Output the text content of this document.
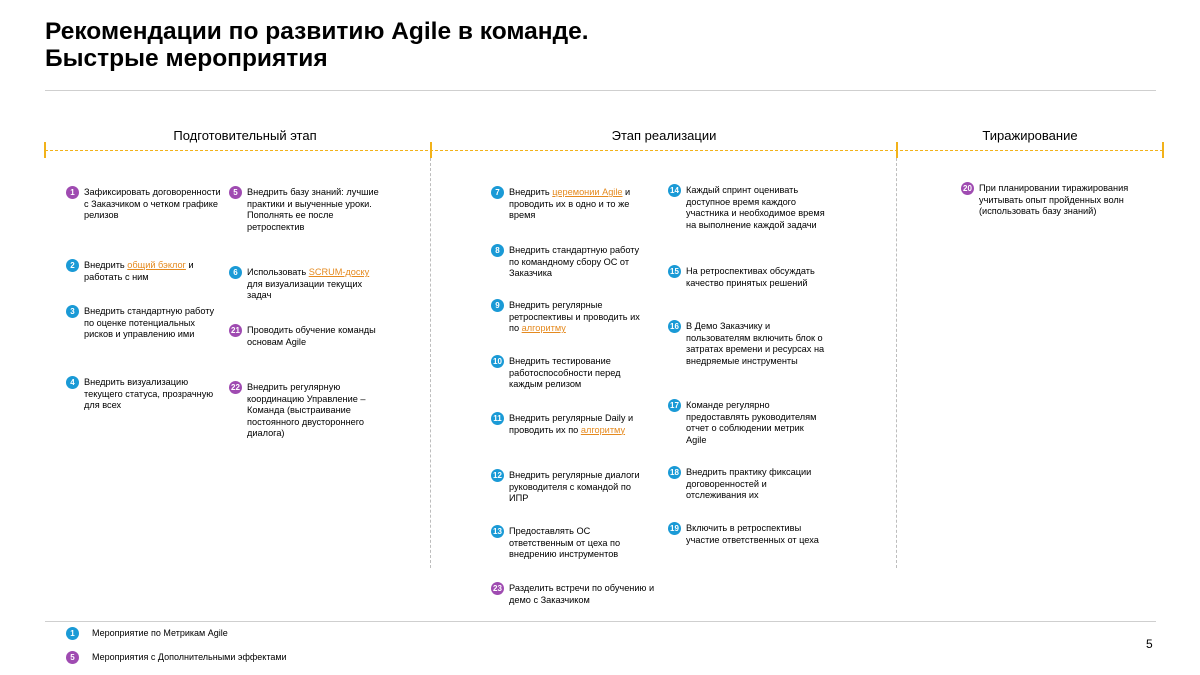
Рекомендации по развитию Agile в команде.
Быстрые мероприятия
Подготовительный этап	Этап реализации	Тиражирование
1	Зафиксировать договоренности с Заказчиком о четком графике релизов
2	Внедрить общий бэклог и работать с ним
3	Внедрить стандартную работу по оценке потенциальных рисков и управлению ими
4	Внедрить визуализацию текущего статуса, прозрачную для всех
5	Внедрить базу знаний: лучшие практики и выученные уроки. Пополнять ее после ретроспектив
6	Использовать SCRUM-доску для визуализации текущих задач
21 Проводить обучение команды основам Agile
22 Внедрить регулярную координацию Управление – Команда (выстраивание постоянного двустороннего диалога)
7	Внедрить церемонии Agile и проводить их в одно и то же время
8	Внедрить стандартную работу по командному сбору ОС от Заказчика
9	Внедрить регулярные ретроспективы и проводить их по алгоритму
10 Внедрить тестирование работоспособности перед каждым релизом
11 Внедрить регулярные Daily и проводить их по алгоритму
12 Внедрить регулярные диалоги руководителя с командой по ИПР
13 Предоставлять ОС ответственным от цеха по внедрению инструментов
23 Разделить встречи по обучению и демо с Заказчиком
14 Каждый спринт оценивать доступное время каждого участника и необходимое время на выполнение каждой задачи
15 На ретроспективах обсуждать качество принятых решений
16 В Демо Заказчику и пользователям включить блок о затратах времени и ресурсах на внедряемые инструменты
17 Команде регулярно предоставлять руководителям отчет о соблюдении метрик Agile
18 Внедрить практику фиксации договоренностей и отслеживания их
19 Включить в ретроспективы участие ответственных от цеха
20 При планировании тиражирования учитывать опыт пройденных волн (использовать базу знаний)
1	Мероприятие по Метрикам Agile
5	Мероприятия с Дополнительными эффектами
5
